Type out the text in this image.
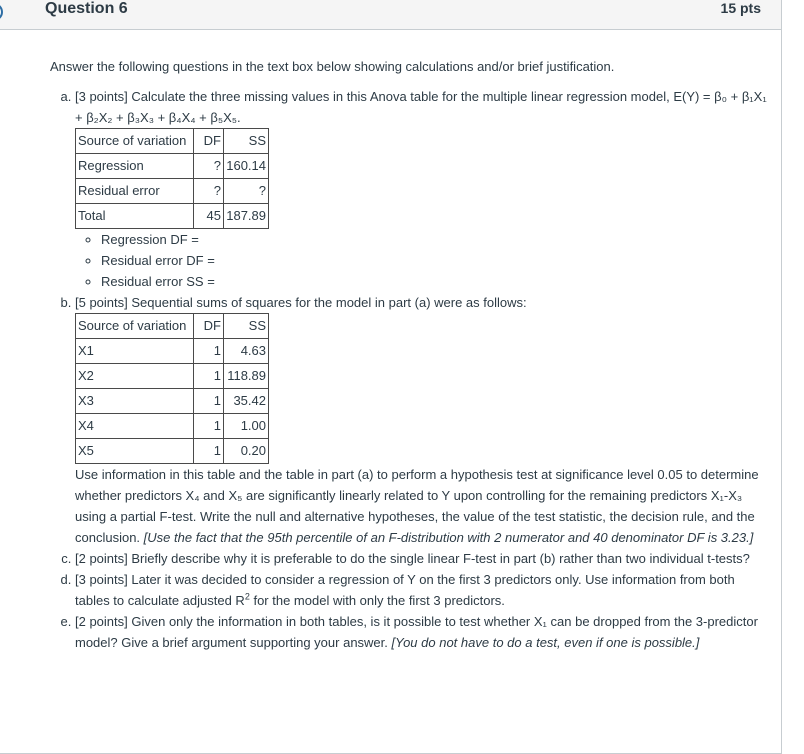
Question 6	15 pts

Answer the following questions in the text box below showing calculations and/or brief justification.

a. [3 points] Calculate the three missing values in this Anova table for the multiple linear regression model, E(Y) = β₀ + β₁X₁ + β₂X₂ + β₃X₃ + β₄X₄ + β₅X₅.
Source of variation	DF	SS
Regression	?	160.14
Residual error	?	?
Total	45	187.89
◦ Regression DF =
◦ Residual error DF =
◦ Residual error SS =
b. [5 points] Sequential sums of squares for the model in part (a) were as follows:
Source of variation	DF	SS
X1	1	4.63
X2	1	118.89
X3	1	35.42
X4	1	1.00
X5	1	0.20
Use information in this table and the table in part (a) to perform a hypothesis test at significance level 0.05 to determine whether predictors X₄ and X₅ are significantly linearly related to Y upon controlling for the remaining predictors X₁-X₃ using a partial F-test. Write the null and alternative hypotheses, the value of the test statistic, the decision rule, and the conclusion. [Use the fact that the 95th percentile of an F-distribution with 2 numerator and 40 denominator DF is 3.23.]
c. [2 points] Briefly describe why it is preferable to do the single linear F-test in part (b) rather than two individual t-tests?
d. [3 points] Later it was decided to consider a regression of Y on the first 3 predictors only. Use information from both tables to calculate adjusted $R^2$ for the model with only the first 3 predictors.
e. [2 points] Given only the information in both tables, is it possible to test whether X₁ can be dropped from the 3-predictor model? Give a brief argument supporting your answer. [You do not have to do a test, even if one is possible.]
